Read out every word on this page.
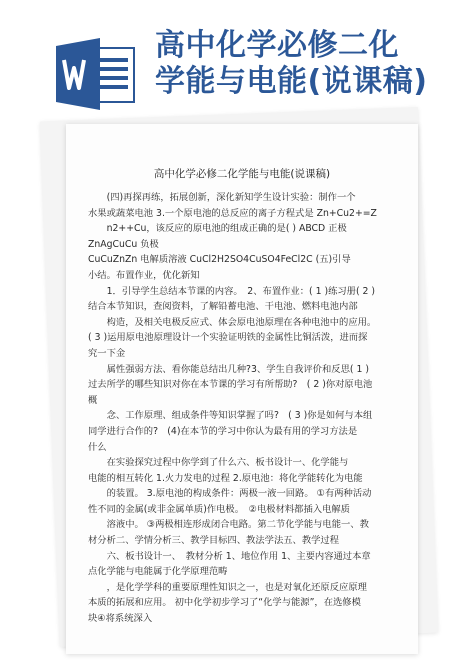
高中化学必修二化
学能与电能(说课稿)
高中化学必修二化学能与电能(说课稿)
　　(四)再探再练，拓展创新，深化新知学生设计实验：制作一个
水果或蔬菜电池 3.一个原电池的总反应的离子方程式是 Zn+Cu2+=Z
　　n2++Cu，该反应的原电池的组成正确的是( ) ABCD 正极
ZnAgCuCu 负极
CuCuZnZn 电解质溶液 CuCl2H2SO4CuSO4FeCl2C (五)引导
小结。布置作业，优化新知
　　1．引导学生总结本节课的内容。　2、布置作业：( 1 )练习册( 2 )
结合本节知识，查阅资料，了解铅蓄电池、干电池、燃料电池内部
　　构造，及相关电极反应式、体会原电池原理在各种电池中的应用。
( 3 )运用原电池原理设计一个实验证明铁的金属性比铜活泼，进而探
究一下金
　　属性强弱方法、看你能总结出几种?3、学生自我评价和反思( 1 )
过去所学的哪些知识对你在本节课的学习有所帮助?　( 2 )你对原电池
概
　　念、工作原理、组成条件等知识掌握了吗?　( 3 )你是如何与本组
同学进行合作的?　(4)在本节的学习中你认为最有用的学习方法是
什么
　　在实验探究过程中你学到了什么六、板书设计一、化学能与
电能的相互转化 1.火力发电的过程 2.原电池：将化学能转化为电能
　　的装置。 3.原电池的构成条件：两极一液一回路。 ①有两种活动
性不同的金属(或非金属单质)作电极。　②电极材料都插入电解质
　　溶液中。 ③两极相连形成闭合电路。第二节化学能与电能一、教
材分析二、学情分析三、教学目标四、教法学法五、教学过程
　　六、板书设计一、　教材分析 1、地位作用 1、主要内容通过本章
点化学能与电能属于化学原理范畴
　　，是化学学科的重要原理性知识之一，也是对氧化还原反应原理
本质的拓展和应用。 初中化学初步学习了“化学与能源”，在选修模
块④将系统深入
